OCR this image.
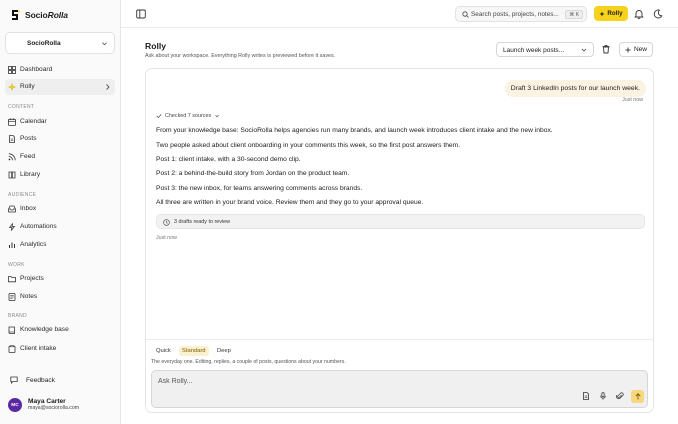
SocioRolla
SocioRolla
Dashboard
Rolly
CONTENT
Calendar
Posts
Feed
Library
AUDIENCE
Inbox
Automations
Analytics
WORK
Projects
Notes
BRAND
Knowledge base
Client intake
Feedback
MC	Maya Carter
maya@sociorolla.com
Search posts, projects, notes...	⌘ K	Rolly
Rolly

Ask about your workspace. Everything Rolly writes is previewed before it saves.

Launch week posts...	New
Draft 3 LinkedIn posts for our launch week.
Just now
Checked 7 sources

From your knowledge base: SocioRolla helps agencies run many brands, and launch week introduces client intake and the new inbox.

Two people asked about client onboarding in your comments this week, so the first post answers them.

Post 1: client intake, with a 30-second demo clip.

Post 2: a behind-the-build story from Jordan on the product team.

Post 3: the new inbox, for teams answering comments across brands.

All three are written in your brand voice. Review them and they go to your approval queue.

3 drafts ready to review
Just now
Quick	Standard	Deep
The everyday one. Editing, replies, a couple of posts, questions about your numbers.
Ask Rolly...
